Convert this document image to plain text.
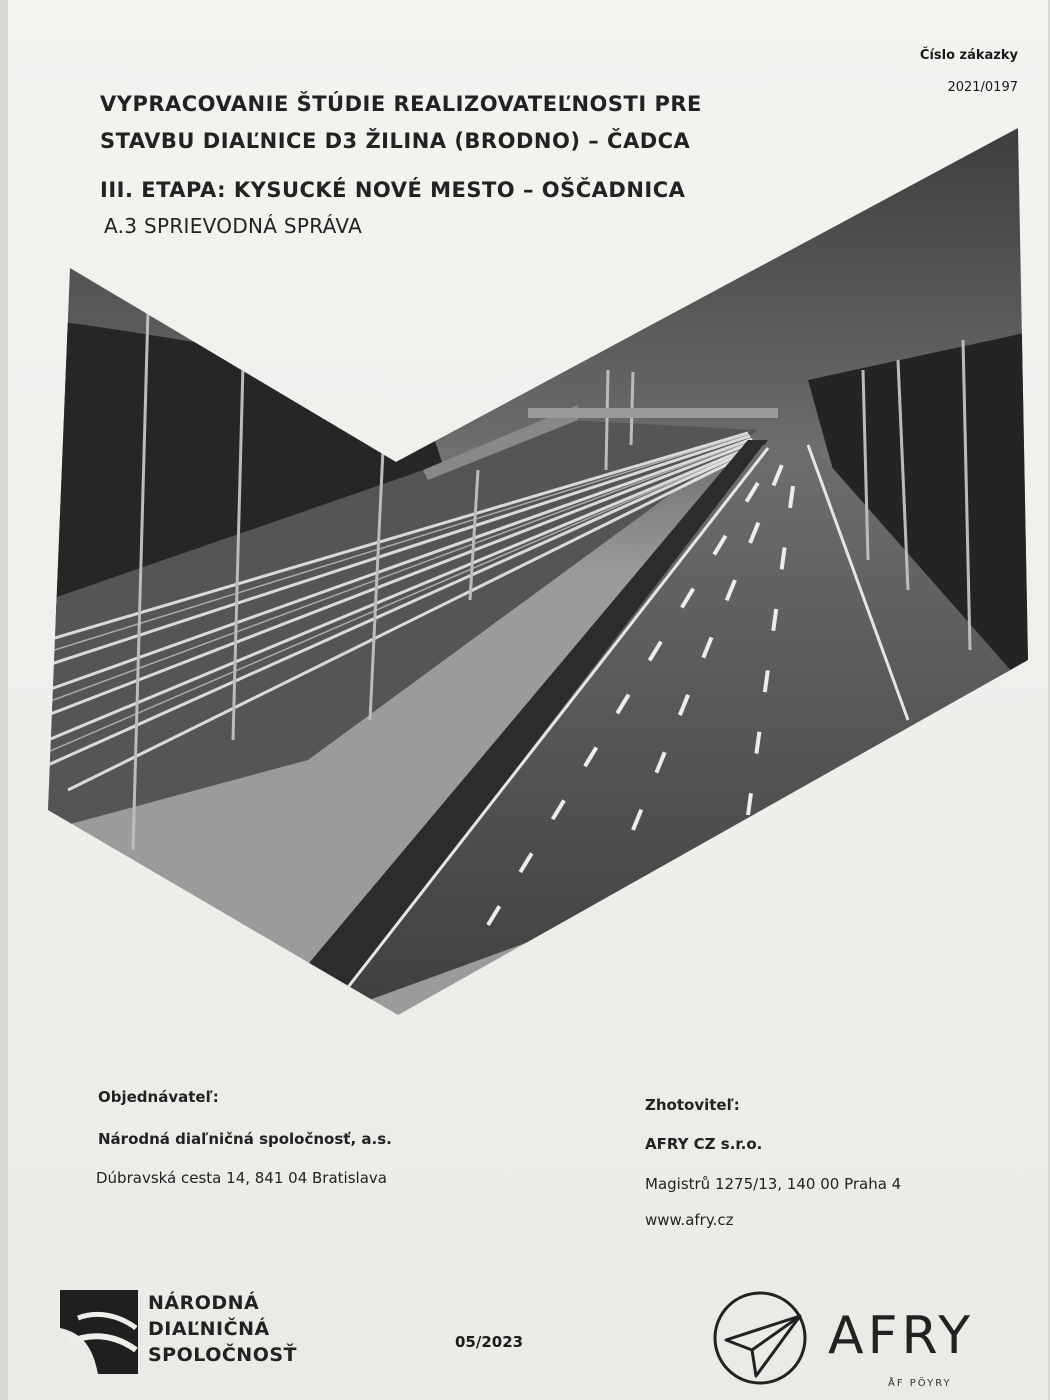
Číslo zákazky
2021/0197
VYPRACOVANIE ŠTÚDIE REALIZOVATEĽNOSTI PRE
STAVBU DIAĽNICE D3 ŽILINA (BRODNO) – ČADCA
III. ETAPA: KYSUCKÉ NOVÉ MESTO – OŠČADNICA
A.3 SPRIEVODNÁ SPRÁVA
Objednávateľ:
Národná diaľničná spoločnosť, a.s.
Dúbravská cesta 14, 841 04 Bratislava
Zhotoviteľ:
AFRY CZ s.r.o.
Magistrů 1275/13, 140 00 Praha 4
www.afry.cz
NÁRODNÁ
DIAĽNIČNÁ
SPOLOČNOSŤ
05/2023	AFRY
ÅF PÖYRY
